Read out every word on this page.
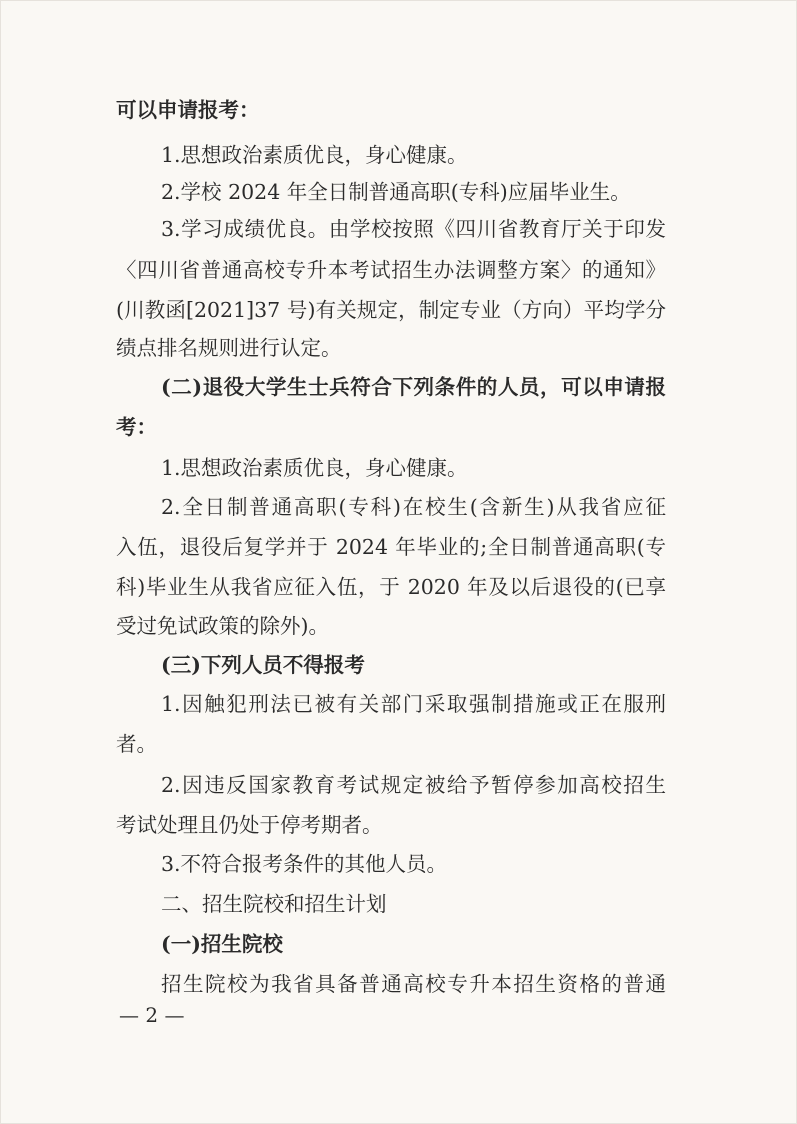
可以申请报考：
1.思想政治素质优良，身心健康。
2.学校 2024 年全日制普通高职(专科)应届毕业生。
3.学习成绩优良。由学校按照《四川省教育厅关于印发
〈四川省普通高校专升本考试招生办法调整方案〉的通知》
(川教函[2021]37 号)有关规定，制定专业（方向）平均学分
绩点排名规则进行认定。
(二)退役大学生士兵符合下列条件的人员，可以申请报
考：
1.思想政治素质优良，身心健康。
2.全日制普通高职(专科)在校生(含新生)从我省应征
入伍，退役后复学并于 2024 年毕业的;全日制普通高职(专
科)毕业生从我省应征入伍，于 2020 年及以后退役的(已享
受过免试政策的除外)。
(三)下列人员不得报考
1.因触犯刑法已被有关部门采取强制措施或正在服刑
者。
2.因违反国家教育考试规定被给予暂停参加高校招生
考试处理且仍处于停考期者。
3.不符合报考条件的其他人员。
二、招生院校和招生计划
(一)招生院校
招生院校为我省具备普通高校专升本招生资格的普通
— 2 —
